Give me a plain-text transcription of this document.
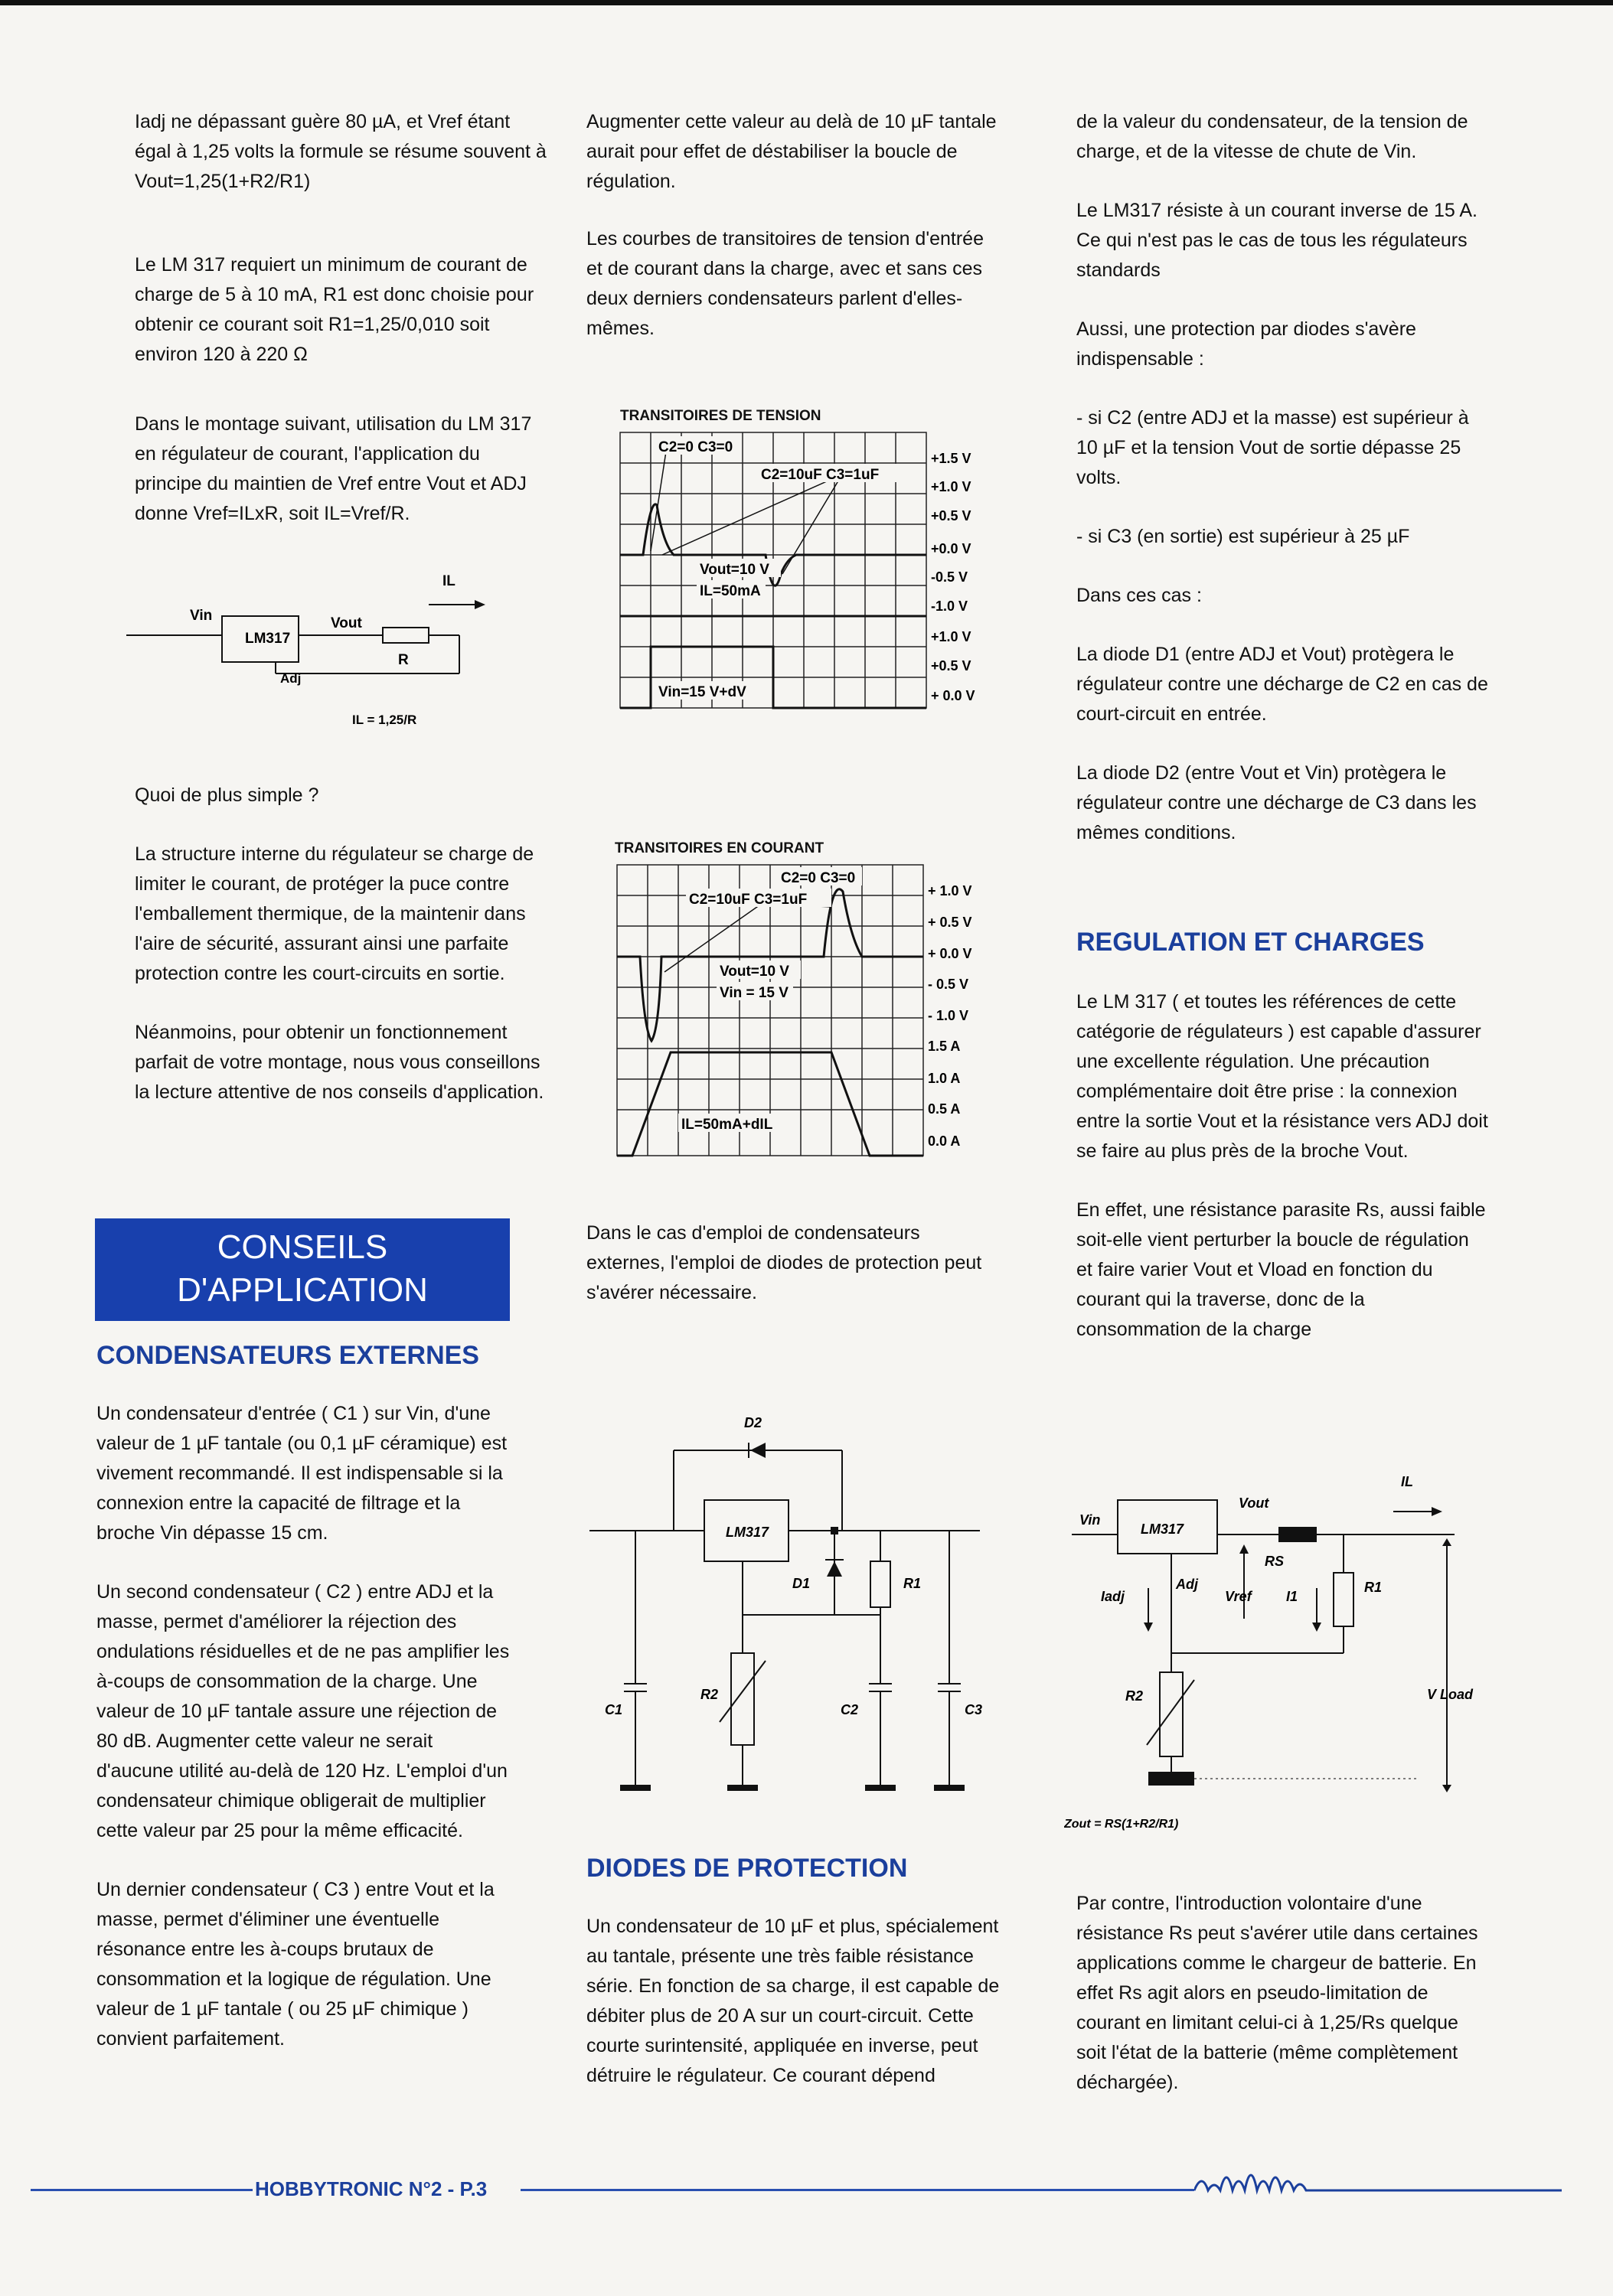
Iadj ne dépassant guère 80 µA, et Vref étant égal à 1,25 volts la formule se résume souvent à Vout=1,25(1+R2/R1)

Le LM 317 requiert un minimum de courant de charge de 5 à 10 mA, R1 est donc choisie pour obtenir ce courant soit R1=1,25/0,010 soit environ 120 à 220 Ω

Dans le montage suivant, utilisation du LM 317 en régulateur de courant, l'application du principe du maintien de Vref entre Vout et ADJ donne Vref=ILxR, soit IL=Vref/R.

Vin
LM317
Vout
Adj
R
IL
IL = 1,25/R

Quoi de plus simple ?

La structure interne du régulateur se charge de limiter le courant, de protéger la puce contre l'emballement thermique, de la maintenir dans l'aire de sécurité, assurant ainsi une parfaite protection contre les court-circuits en sortie.

Néanmoins, pour obtenir un fonctionnement parfait de votre montage, nous vous conseillons la lecture attentive de nos conseils d'application.

CONSEILS
D'APPLICATION
CONDENSATEURS EXTERNES

Un condensateur d'entrée ( C1 ) sur Vin, d'une valeur de 1 µF tantale (ou 0,1 µF céramique) est vivement recommandé. Il est indispensable si la connexion entre la capacité de filtrage et la broche Vin dépasse 15 cm.

Un second condensateur ( C2 ) entre ADJ et la masse, permet d'améliorer la réjection des ondulations résiduelles et de ne pas amplifier les à-coups de consommation de la charge. Une valeur de 10 µF tantale assure une réjection de 80 dB. Augmenter cette valeur ne serait d'aucune utilité au-delà de 120 Hz. L'emploi d'un condensateur chimique obligerait de multiplier cette valeur par 25 pour la même efficacité.

Un dernier condensateur ( C3 ) entre Vout et la masse, permet d'éliminer une éventuelle résonance entre les à-coups brutaux de consommation et la logique de régulation. Une valeur de 1 µF tantale ( ou 25 µF chimique ) convient parfaitement.

Augmenter cette valeur au delà de 10 µF tantale aurait pour effet de déstabiliser la boucle de régulation.

Les courbes de transitoires de tension d'entrée et de courant dans la charge, avec et sans ces deux derniers condensateurs parlent d'elles-mêmes.

TRANSITOIRES DE TENSION
C2=0 C3=0
C2=10uF C3=1uF
Vout=10 V
IL=50mA
Vin=15 V+dV
+1.5 V
+1.0 V
+0.5 V
+0.0 V
-0.5 V
-1.0 V
+1.0 V
+0.5 V
+ 0.0 V
TRANSITOIRES EN COURANT
C2=0 C3=0
C2=10uF C3=1uF
Vout=10 V
Vin = 15 V
IL=50mA+dIL
+ 1.0 V
+ 0.5 V
+ 0.0 V
- 0.5 V
- 1.0 V
1.5 A
1.0 A
0.5 A
0.0 A

Dans le cas d'emploi de condensateurs externes, l'emploi de diodes de protection peut s'avérer nécessaire.

D2
LM317
D1	R1
R2
C1	C2	C3
DIODES DE PROTECTION

Un condensateur de 10 µF et plus, spécialement au tantale, présente une très faible résistance série. En fonction de sa charge, il est capable de débiter plus de 20 A sur un court-circuit. Cette courte surintensité, appliquée en inverse, peut détruire le régulateur. Ce courant dépend

de la valeur du condensateur, de la tension de charge, et de la vitesse de chute de Vin.

Le LM317 résiste à un courant inverse de 15 A. Ce qui n'est pas le cas de tous les régulateurs standards

Aussi, une protection par diodes s'avère indispensable :

- si C2 (entre ADJ et la masse) est supérieur à 10 µF et la tension Vout de sortie dépasse 25 volts.

- si C3 (en sortie) est supérieur à 25 µF

Dans ces cas :

La diode D1 (entre ADJ et Vout) protègera le régulateur contre une décharge de C2 en cas de court-circuit en entrée.

La diode D2 (entre Vout et Vin) protègera le régulateur contre une décharge de C3 dans les mêmes conditions.

REGULATION ET CHARGES

Le LM 317 ( et toutes les références de cette catégorie de régulateurs ) est capable d'assurer une excellente régulation. Une précaution complémentaire doit être prise : la connexion entre la sortie Vout et la résistance vers ADJ doit se faire au plus près de la broche Vout.

En effet, une résistance parasite Rs, aussi faible soit-elle vient perturber la boucle de régulation et faire varier Vout et Vload en fonction du courant qui la traverse, donc de la consommation de la charge

Vin
LM317
Vout
IL
RS
Adj
Iadj	Vref	I1
R1
R2	V Load
Zout = RS(1+R2/R1)

Par contre, l'introduction volontaire d'une résistance Rs peut s'avérer utile dans certaines applications comme le chargeur de batterie. En effet Rs agit alors en pseudo-limitation de courant en limitant celui-ci à 1,25/Rs quelque soit l'état de la batterie (même complètement déchargée).

HOBBYTRONIC N°2 - P.3
